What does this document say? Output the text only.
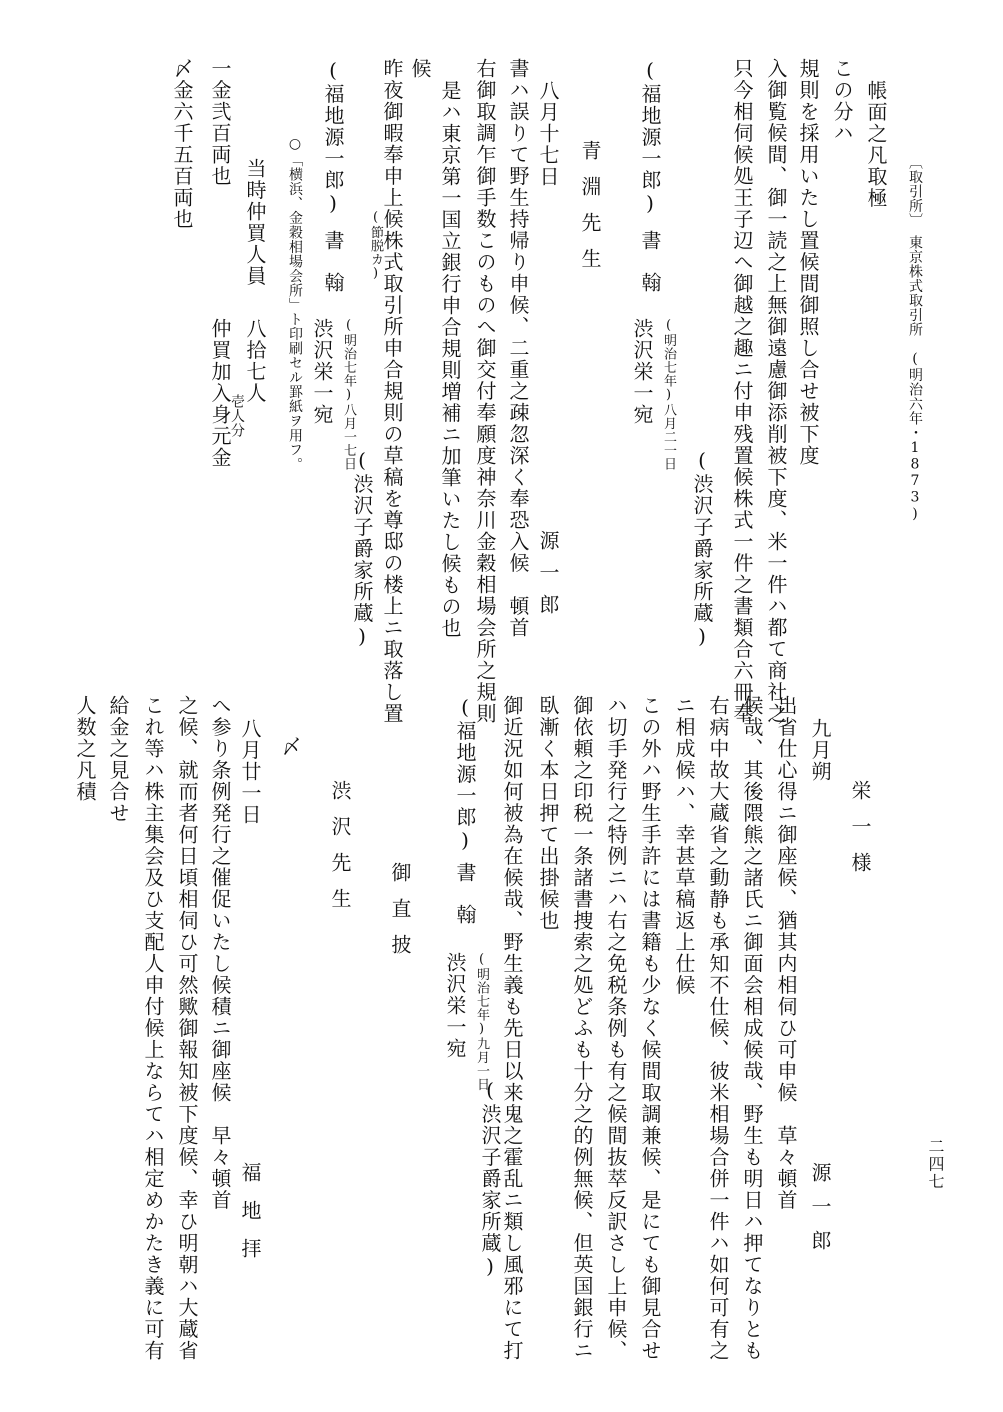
〆金六千五百両也 一金弐百両也
仲買加入身元金
壱人分
当時仲買人員
八拾七人 ○「横浜、金穀相場会所」ト印刷セル罫紙ヲ用フ。 (福地源一郎)
書翰
渋沢栄一宛 (明治七年)八月一七日 昨夜御暇奉申上候株式取引所申合規則の草稿を尊邸の楼上ニ取落し置
(節脱カ)
候
是ハ東京第一国立銀行申合規則増補ニ加筆いたし候もの也 右御取調乍御手数このものへ御交付奉願度神奈川金穀相場会所之規則 書ハ誤りて野生持帰り申候、二重之疎忽深く奉恐入候　頓首
(渋沢子爵家所蔵)
八月十七日
源一郎
青淵先生 (福地源一郎)
書翰
渋沢栄一宛 (明治七年)八月二一日
(渋沢子爵家所蔵) 只今相伺候処王子辺へ御越之趣ニ付申残置候株式一件之書類合六冊奉 入御覧候間、御一読之上無御遠慮御添削被下度、米一件ハ都て商社之 規則を採用いたし置候間御照し合せ被下度 この分ハ 帳面之凡取極
〔取引所〕　東京株式取引所　(明治六年・1873)
人数之凡積 給金之見合せ これ等ハ株主集会及ひ支配人申付候上ならてハ相定めかたき義に可有 之候、就而者何日頃相伺ひ可然歟御報知被下度候、幸ひ明朝ハ大蔵省 へ参り条例発行之催促いたし候積ニ御座候　早々頓首 八月廿一日
福地拝
〆
渋沢先生 御直披
(福地源一郎)
書翰
渋沢栄一宛 (明治七年)九月一日
(渋沢子爵家所蔵)
御近況如何被為在候哉、野生義も先日以来鬼之霍乱ニ類し風邪にて打 臥漸く本日押て出掛候也 御依頼之印税一条諸書捜索之処どふも十分之的例無候、但英国銀行ニ ハ切手発行之特例ニハ右之免税条例も有之候間抜萃反訳さし上申候、 この外ハ野生手許には書籍も少なく候間取調兼候、是にても御見合せ ニ相成候ハ、幸甚草稿返上仕候 右病中故大蔵省之動静も承知不仕候、彼米相場合併一件ハ如何可有之 候哉、其後隈熊之諸氏ニ御面会相成候哉、野生も明日ハ押てなりとも 出省仕心得ニ御座候、猶其内相伺ひ可申候　草々頓首 九月朔
源一郎
栄一様
二四七
